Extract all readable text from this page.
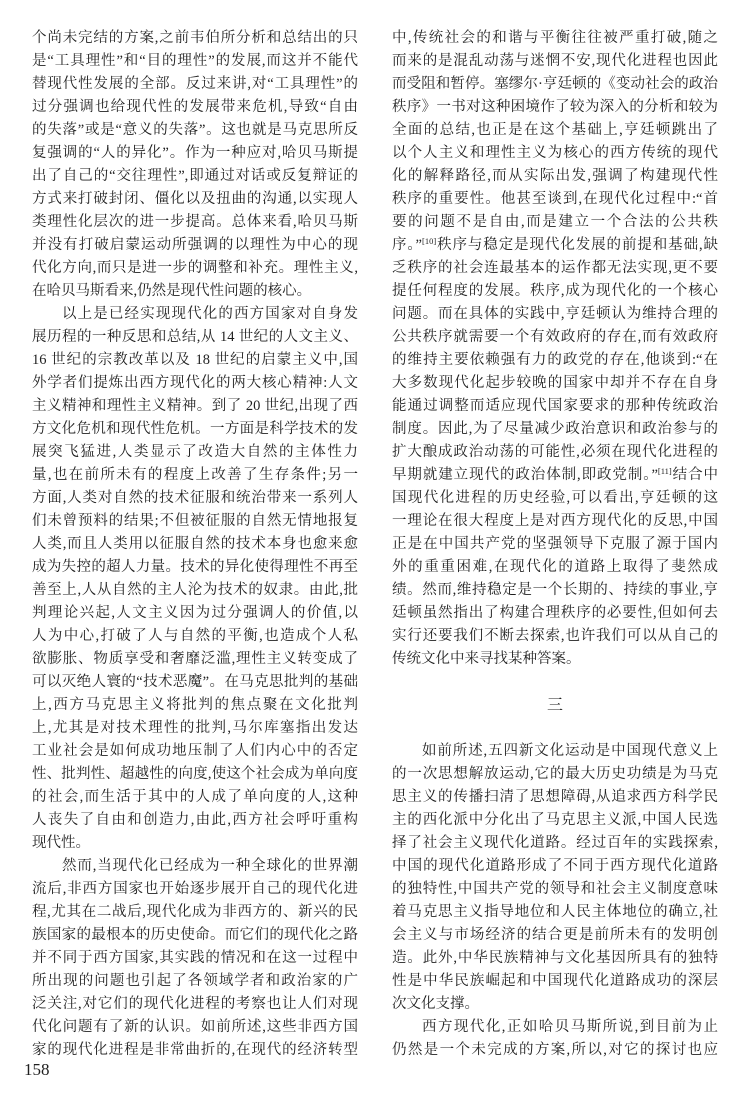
个尚未完结的方案,之前韦伯所分析和总结出的只
是“工具理性”和“目的理性”的发展,而这并不能代
替现代性发展的全部。反过来讲,对“工具理性”的
过分强调也给现代性的发展带来危机,导致“自由
的失落”或是“意义的失落”。这也就是马克思所反
复强调的“人的异化”。作为一种应对,哈贝马斯提
出了自己的“交往理性”,即通过对话或反复辩证的
方式来打破封闭、僵化以及扭曲的沟通,以实现人
类理性化层次的进一步提高。总体来看,哈贝马斯
并没有打破启蒙运动所强调的以理性为中心的现
代化方向,而只是进一步的调整和补充。理性主义,
在哈贝马斯看来,仍然是现代性问题的核心。
以上是已经实现现代化的西方国家对自身发
展历程的一种反思和总结,从 14 世纪的人文主义、
16 世纪的宗教改革以及 18 世纪的启蒙主义中,国
外学者们提炼出西方现代化的两大核心精神:人文
主义精神和理性主义精神。到了 20 世纪,出现了西
方文化危机和现代性危机。一方面是科学技术的发
展突飞猛进,人类显示了改造大自然的主体性力
量,也在前所未有的程度上改善了生存条件;另一
方面,人类对自然的技术征服和统治带来一系列人
们未曾预料的结果;不但被征服的自然无情地报复
人类,而且人类用以征服自然的技术本身也愈来愈
成为失控的超人力量。技术的异化使得理性不再至
善至上,人从自然的主人沦为技术的奴隶。由此,批
判理论兴起,人文主义因为过分强调人的价值,以
人为中心,打破了人与自然的平衡,也造成个人私
欲膨胀、物质享受和奢靡泛滥,理性主义转变成了
可以灭绝人寰的“技术恶魔”。在马克思批判的基础
上,西方马克思主义将批判的焦点聚在文化批判
上,尤其是对技术理性的批判,马尔库塞指出发达
工业社会是如何成功地压制了人们内心中的否定
性、批判性、超越性的向度,使这个社会成为单向度
的社会,而生活于其中的人成了单向度的人,这种
人丧失了自由和创造力,由此,西方社会呼吁重构
现代性。
然而,当现代化已经成为一种全球化的世界潮
流后,非西方国家也开始逐步展开自己的现代化进
程,尤其在二战后,现代化成为非西方的、新兴的民
族国家的最根本的历史使命。而它们的现代化之路
并不同于西方国家,其实践的情况和在这一过程中
所出现的问题也引起了各领域学者和政治家的广
泛关注,对它们的现代化进程的考察也让人们对现
代化问题有了新的认识。如前所述,这些非西方国
家的现代化进程是非常曲折的,在现代的经济转型
中,传统社会的和谐与平衡往往被严重打破,随之
而来的是混乱动荡与迷惘不安,现代化进程也因此
而受阻和暂停。塞缪尔·亨廷顿的《变动社会的政治
秩序》一书对这种困境作了较为深入的分析和较为
全面的总结,也正是在这个基础上,亨廷顿跳出了
以个人主义和理性主义为核心的西方传统的现代
化的解释路径,而从实际出发,强调了构建现代性
秩序的重要性。他甚至谈到,在现代化过程中:“首
要的问题不是自由,而是建立一个合法的公共秩
序。”[10]秩序与稳定是现代化发展的前提和基础,缺
乏秩序的社会连最基本的运作都无法实现,更不要
提任何程度的发展。秩序,成为现代化的一个核心
问题。而在具体的实践中,亨廷顿认为维持合理的
公共秩序就需要一个有效政府的存在,而有效政府
的维持主要依赖强有力的政党的存在,他谈到:“在
大多数现代化起步较晚的国家中却并不存在自身
能通过调整而适应现代国家要求的那种传统政治
制度。因此,为了尽量减少政治意识和政治参与的
扩大酿成政治动荡的可能性,必须在现代化进程的
早期就建立现代的政治体制,即政党制。”[11]结合中
国现代化进程的历史经验,可以看出,亨廷顿的这
一理论在很大程度上是对西方现代化的反思,中国
正是在中国共产党的坚强领导下克服了源于国内
外的重重困难,在现代化的道路上取得了斐然成
绩。然而,维持稳定是一个长期的、持续的事业,亨
廷顿虽然指出了构建合理秩序的必要性,但如何去
实行还要我们不断去探索,也许我们可以从自己的
传统文化中来寻找某种答案。
三
如前所述,五四新文化运动是中国现代意义上
的一次思想解放运动,它的最大历史功绩是为马克
思主义的传播扫清了思想障碍,从追求西方科学民
主的西化派中分化出了马克思主义派,中国人民选
择了社会主义现代化道路。经过百年的实践探索,
中国的现代化道路形成了不同于西方现代化道路
的独特性,中国共产党的领导和社会主义制度意味
着马克思主义指导地位和人民主体地位的确立,社
会主义与市场经济的结合更是前所未有的发明创
造。此外,中华民族精神与文化基因所具有的独特
性是中华民族崛起和中国现代化道路成功的深层
次文化支撑。
西方现代化,正如哈贝马斯所说,到目前为止
仍然是一个未完成的方案,所以,对它的探讨也应
158
